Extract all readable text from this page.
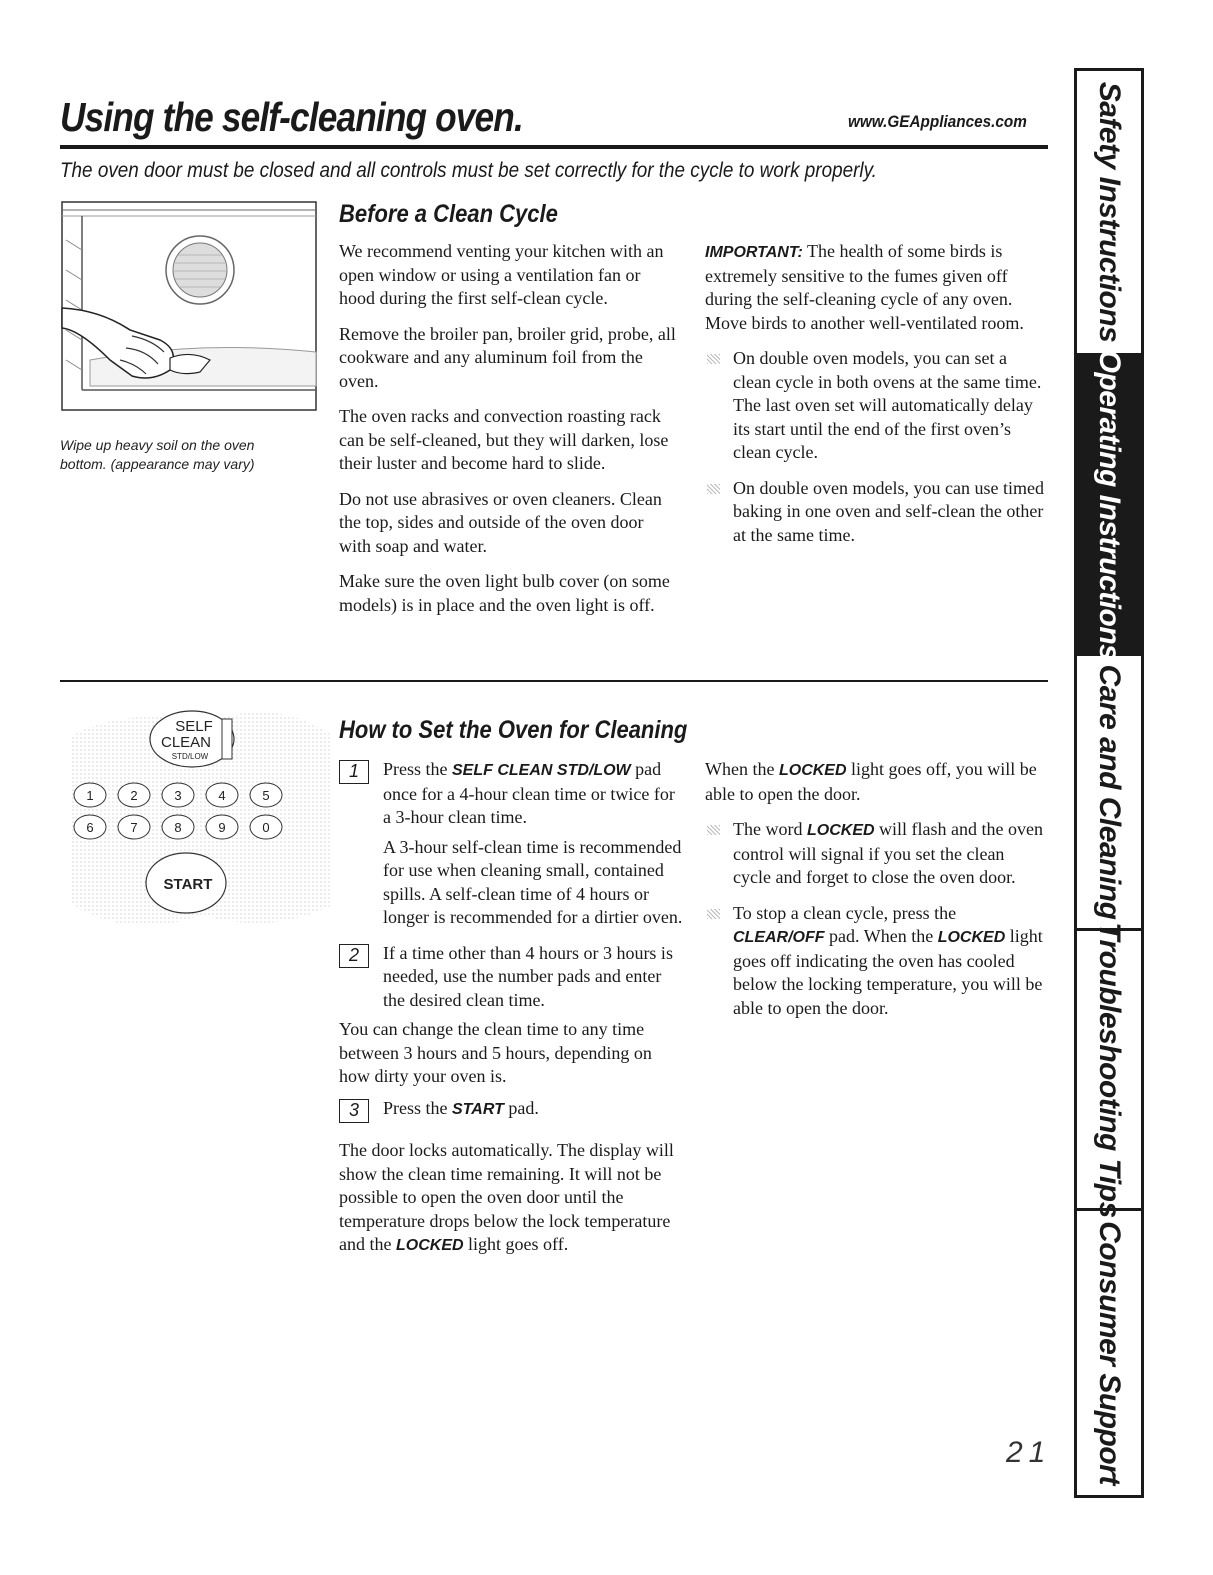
Using the self-cleaning oven.	www.GEAppliances.com
The oven door must be closed and all controls must be set correctly for the cycle to work properly.
Wipe up heavy soil on the oven bottom. (appearance may vary)
Before a Clean Cycle

We recommend venting your kitchen with an open window or using a ventilation fan or hood during the first self-clean cycle.

Remove the broiler pan, broiler grid, probe, all cookware and any aluminum foil from the oven.

The oven racks and convection roasting rack can be self-cleaned, but they will darken, lose their luster and become hard to slide.

Do not use abrasives or oven cleaners. Clean the top, sides and outside of the oven door with soap and water.

Make sure the oven light bulb cover (on some models) is in place and the oven light is off.

IMPORTANT: The health of some birds is extremely sensitive to the fumes given off during the self-cleaning cycle of any oven. Move birds to another well-ventilated room.

On double oven models, you can set a clean cycle in both ovens at the same time. The last oven set will automatically delay its start until the end of the first oven’s clean cycle.
On double oven models, you can use timed baking in one oven and self-clean the other at the same time.
SELF
CLEAN
STD/LOW
1	2	3	4	5
6	7	8	9	0
START
How to Set the Oven for Cleaning
1	Press the SELF CLEAN STD/LOW pad once for a 4-hour clean time or twice for a 3-hour clean time.

A 3-hour self-clean time is recommended for use when cleaning small, contained spills. A self-clean time of 4 hours or longer is recommended for a dirtier oven.

2	If a time other than 4 hours or 3 hours is needed, use the number pads and enter the desired clean time.

You can change the clean time to any time between 3 hours and 5 hours, depending on how dirty your oven is.

3	Press the START pad.

The door locks automatically. The display will show the clean time remaining. It will not be possible to open the oven door until the temperature drops below the lock temperature and the LOCKED light goes off.

When the LOCKED light goes off, you will be able to open the door.

The word LOCKED will flash and the oven control will signal if you set the clean cycle and forget to close the oven door.
To stop a clean cycle, press the CLEAR/OFF pad. When the LOCKED light goes off indicating the oven has cooled below the locking temperature, you will be able to open the door.
Safety Instructions
Operating Instructions
Care and Cleaning
Troubleshooting Tips
Consumer Support
21
